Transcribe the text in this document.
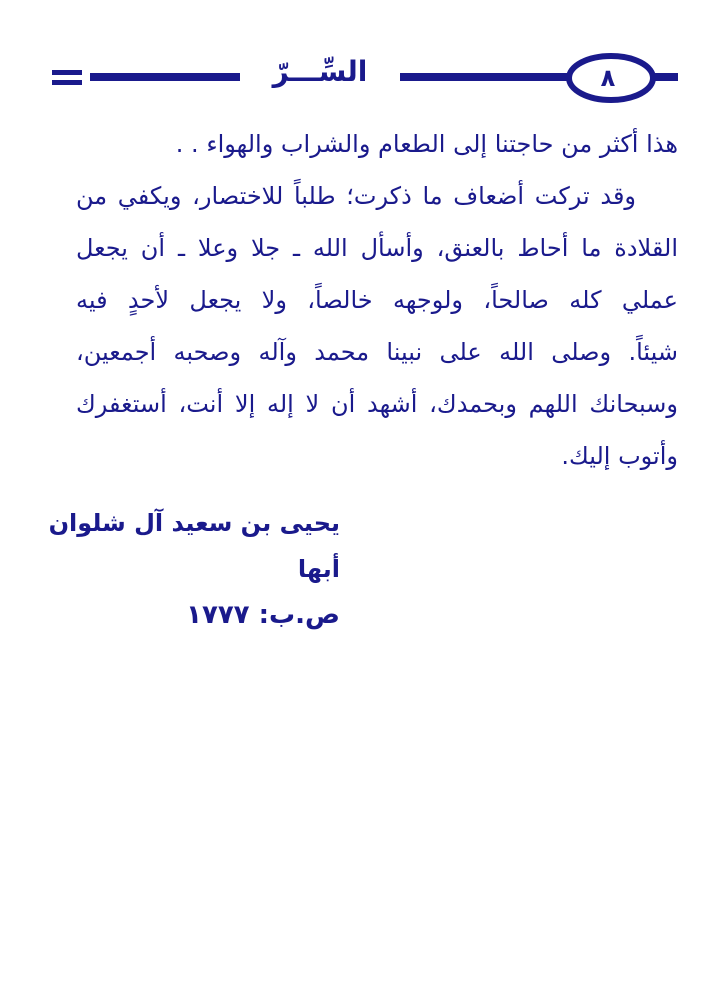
السِّـــرّ	٨
هذا أكثر من حاجتنا إلى الطعام والشراب والهواء . .
وقد تركت أضعاف ما ذكرت؛ طلباً للاختصار، ويكفي من
القلادة ما أحاط بالعنق، وأسأل الله ـ جلا وعلا ـ أن يجعل
عملي كله صالحاً، ولوجهه خالصاً، ولا يجعل لأحدٍ فيه
شيئاً. وصلى الله على نبينا محمد وآله وصحبه أجمعين،
وسبحانك اللهم وبحمدك، أشهد أن لا إله إلا أنت، أستغفرك
وأتوب إليك.
يحيى بن سعيد آل شلوان
أبها
ص.ب: ١٧٧٧
